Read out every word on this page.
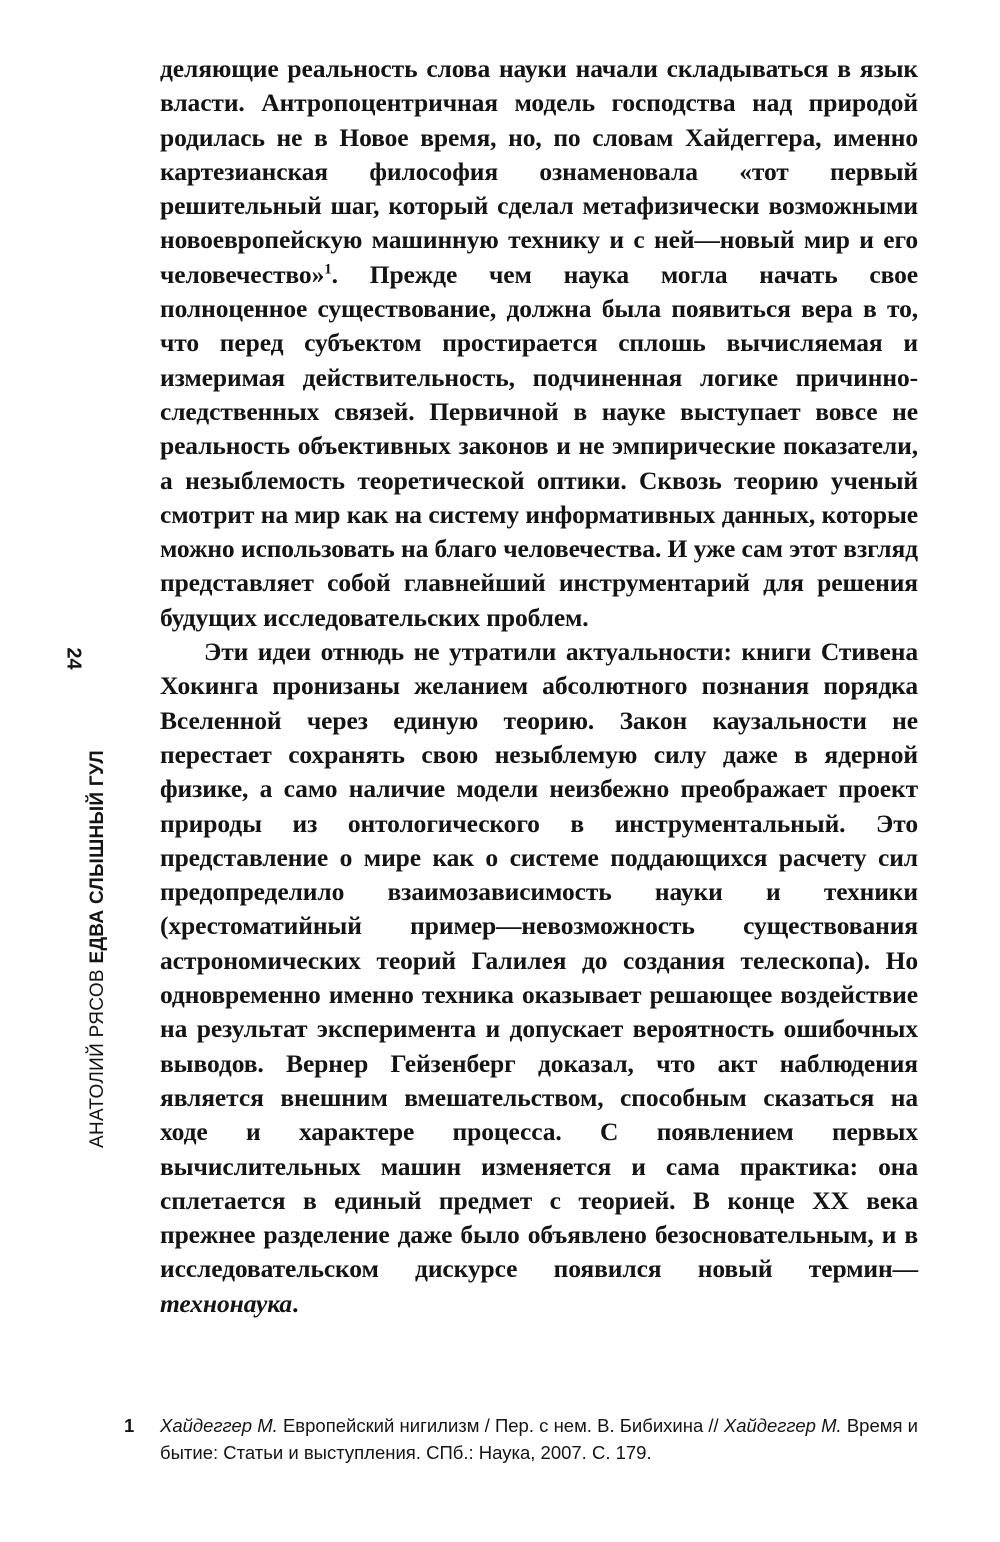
АНАТОЛИЙ РЯСОВ ЕДВА СЛЫШНЫЙ ГУЛ
24

деляющие реальность слова науки начали складываться в язык власти. Антропоцентричная модель господства над природой родилась не в Новое время, но, по словам Хайдеггера, именно картезианская философия ознаменовала «тот первый решительный шаг, который сделал метафизически возможными новоевропейскую машинную технику и с ней—новый мир и его человечество»$^1$. Прежде чем наука могла начать свое полноценное существование, должна была появиться вера в то, что перед субъектом простирается сплошь вычисляемая и измеримая действительность, подчиненная логике причинно-следственных связей. Первичной в науке выступает вовсе не реальность объективных законов и не эмпирические показатели, а незыблемость теоретической оптики. Сквозь теорию ученый смотрит на мир как на систему информативных данных, которые можно использовать на благо человечества. И уже сам этот взгляд представляет собой главнейший инструментарий для решения будущих исследовательских проблем.

Эти идеи отнюдь не утратили актуальности: книги Стивена Хокинга пронизаны желанием абсолютного познания порядка Вселенной через единую теорию. Закон каузальности не перестает сохранять свою незыблемую силу даже в ядерной физике, а само наличие модели неизбежно преображает проект природы из онтологического в инструментальный. Это представление о мире как о системе поддающихся расчету сил предопределило взаимозависимость науки и техники (хрестоматийный пример—невозможность существования астрономических теорий Галилея до создания телескопа). Но одновременно именно техника оказывает решающее воздействие на результат эксперимента и допускает вероятность ошибочных выводов. Вернер Гейзенберг доказал, что акт наблюдения является внешним вмешательством, способным сказаться на ходе и характере процесса. С появлением первых вычислительных машин изменяется и сама практика: она сплетается в единый предмет с теорией. В конце XX века прежнее разделение даже было объявлено безосновательным, и в исследовательском дискурсе появился новый термин—технонаука.

1 Хайдеггер М. Европейский нигилизм / Пер. с нем. В. Бибихина // Хайдеггер М. Время и бытие: Статьи и выступления. СПб.: Наука, 2007. С. 179.
